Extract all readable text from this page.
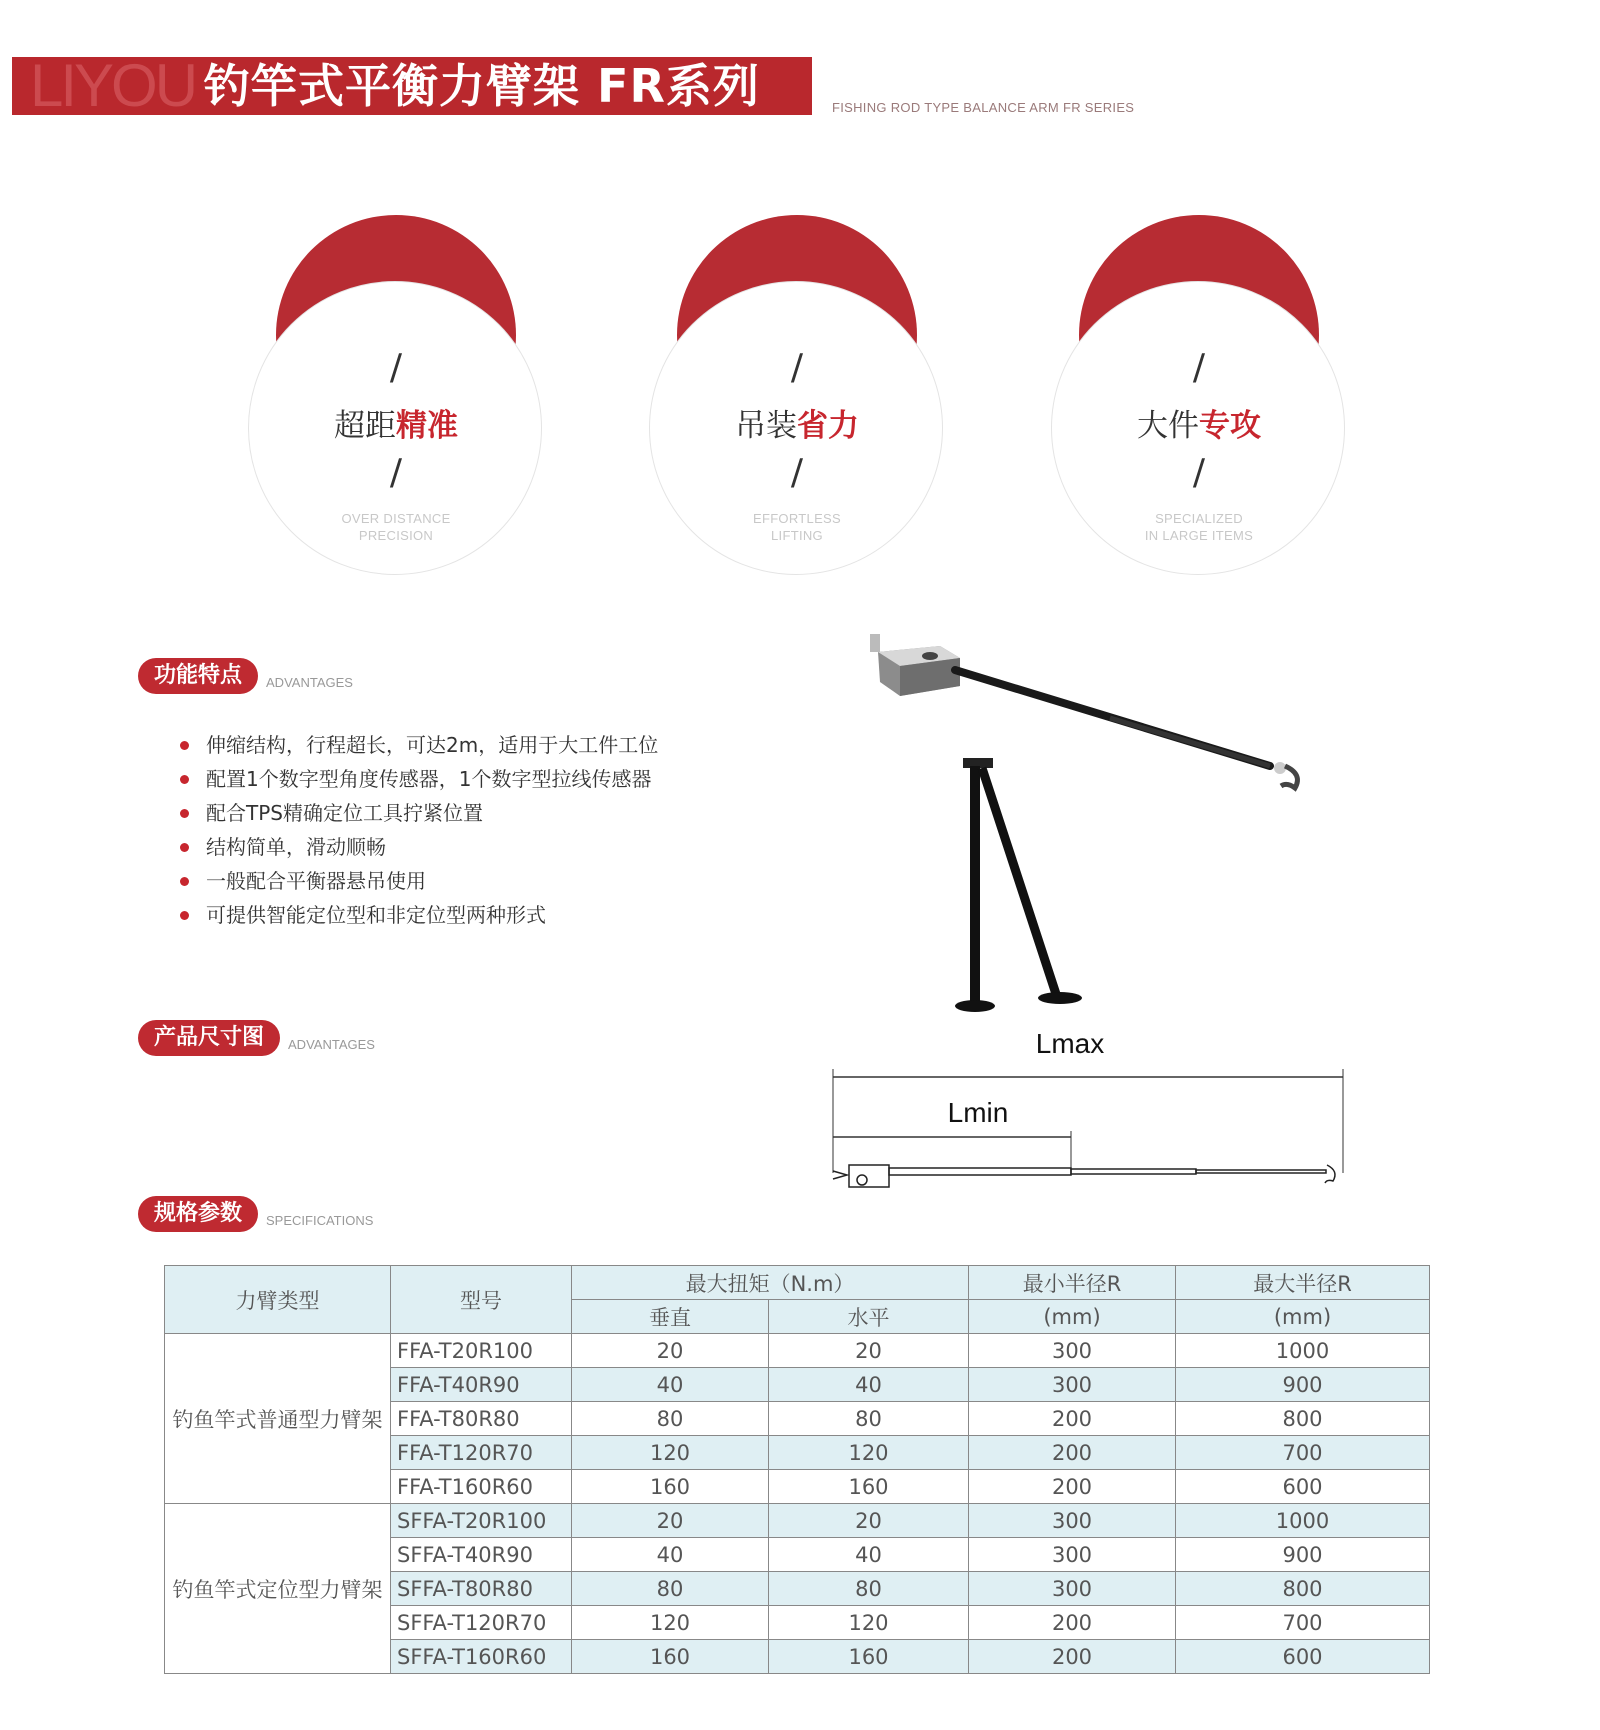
LIYOU 钓竿式平衡力臂架 FR系列	FISHING ROD TYPE BALANCE ARM FR SERIES
/
超距精准
/
OVER DISTANCE
PRECISION
/
吊装省力
/
EFFORTLESS
LIFTING
/
大件专攻
/
SPECIALIZED
IN LARGE ITEMS
功能特点 ADVANTAGES
伸缩结构，行程超长，可达2m，适用于大工件工位
配置1个数字型角度传感器，1个数字型拉线传感器
配合TPS精确定位工具拧紧位置
结构简单，滑动顺畅
一般配合平衡器悬吊使用
可提供智能定位型和非定位型两种形式
产品尺寸图 ADVANTAGES	Lmax
Lmin
规格参数 SPECIFICATIONS
力臂类型	型号	最大扭矩（N.m）		最小半径R	最大半径R
		垂直	水平	(mm)	(mm)
钓鱼竿式普通型力臂架	FFA-T20R100	20	20	300	1000
	FFA-T40R90	40	40	300	900
	FFA-T80R80	80	80	200	800
	FFA-T120R70	120	120	200	700
	FFA-T160R60	160	160	200	600
钓鱼竿式定位型力臂架	SFFA-T20R100	20	20	300	1000
	SFFA-T40R90	40	40	300	900
	SFFA-T80R80	80	80	300	800
	SFFA-T120R70	120	120	200	700
	SFFA-T160R60	160	160	200	600
